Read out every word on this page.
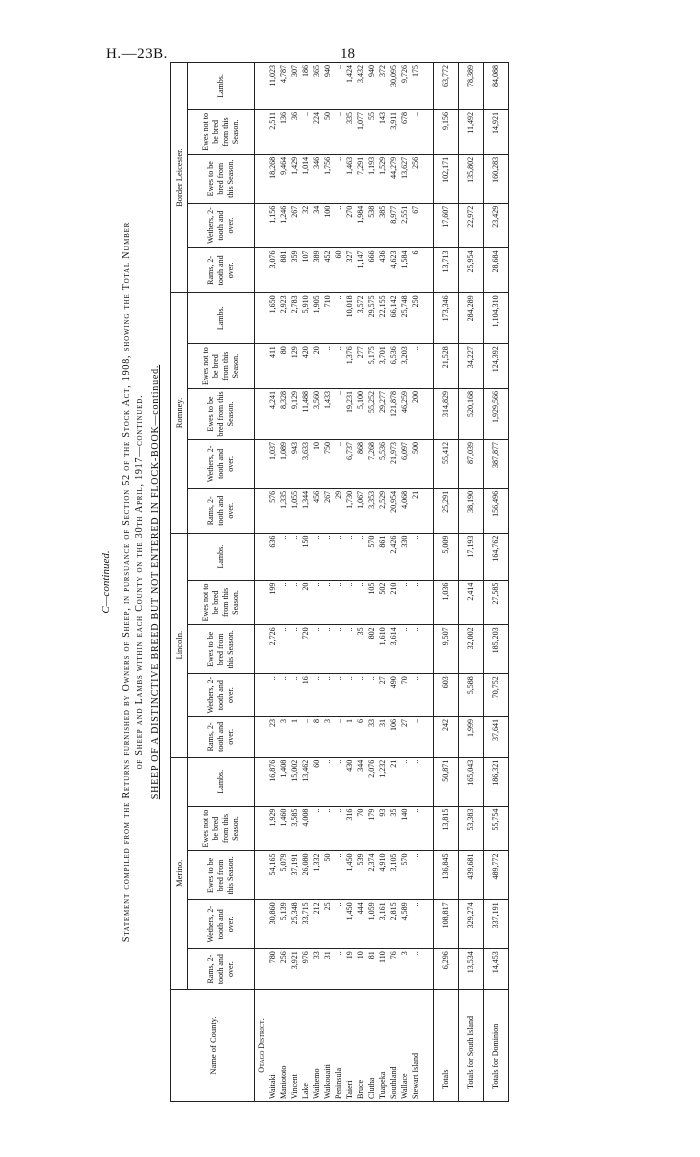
H.—23B.	18
C—continued. Statement compiled from the Returns furnished by Owners of Sheep, in pursuance of Section 52 of the Stock Act, 1908, showing the Total Number of Sheep and Lambs within each County on the 30th April, 1917—continued. SHEEP OF A DISTINCTIVE BREED BUT NOT ENTERED IN FLOCK-BOOK—continued.
Name of County.	Merino.					Lincoln.					Romney.					Border Leicester.				
	Rams, 2-tooth and over.	Wethers, 2-tooth and over.	Ewes to be bred from this Season.	Ewes not to be bred from this Season.	Lambs.	Rams, 2-tooth and over.	Wethers, 2-tooth and over.	Ewes to be bred from this Season.	Ewes not to be bred from this Season.	Lambs.	Rams, 2-tooth and over.	Wethers, 2-tooth and over.	Ewes to be bred from this Season.	Ewes not to be bred from this Season.	Lambs.	Rams, 2-tooth and over.	Wethers, 2-tooth and over.	Ewes to be bred from this Season.	Ewes not to be bred from this Season.	Lambs.
Otago District.																				
Waitaki	780	30,860	54,165	1,929	16,876	23	..	2,726	199	636	576	1,037	4,241	411	1,650	3,076	1,156	18,268	2,511	11,023
Maniototo	256	5,139	5,079	1,460	1,408	3	..	..	..	..	1,335	1,089	8,328	80	2,923	881	1,246	9,464	136	4,787
Vincent	3,921	25,348	37,191	3,585	15,002	1	..	..	..	..	1,055	943	9,129	129	2,783	359	267	1,429	36	307
Lake	976	33,715	26,080	4,008	13,462	..	16	720	20	150	1,344	3,633	11,488	420	5,910	107	32	1,014	..	186
Waihemo	33	212	1,332	..	60	8	..	..	..	..	456	10	3,560	20	1,905	389	34	346	224	365
Waikouaiti	31	25	50	..	..	3	..	..	..	..	267	750	1,433	..	710	452	100	1,756	50	940
Peninsula	..	..	..	..	..	..	..	..	..	..	29	..	..	..	..	60	..	..	..	..
Taieri	19	1,450	1,450	316	430	1	..	..	..	..	1,730	6,737	19,231	1,376	10,018	327	270	1,463	335	1,424
Bruce	10	444	539	70	344	6	..	35	..	..	1,067	868	5,100	277	3,572	1,147	1,984	7,291	1,077	3,432
Clutha	81	1,059	2,374	179	2,076	33	..	802	105	570	3,353	7,268	55,252	5,175	29,575	666	538	1,193	55	940
Tuapeka	110	3,161	4,910	93	1,232	31	27	1,610	502	861	2,529	5,536	29,277	3,701	22,155	436	385	1,529	143	372
Southland	76	2,815	3,105	35	21	106	490	3,614	210	2,426	20,954	21,973	121,878	6,536	66,142	4,623	8,977	44,279	3,911	30,095
Wallace	3	4,589	570	140	..	27	70	..	..	330	4,068	6,097	46,259	3,203	25,748	1,584	2,551	13,627	678	9,726
Stewart Island	..	..	..	..	..	..	..	..	..	..	21	500	200	..	250	6	67	256	..	175

Totals	6,296	108,817	136,845	13,815	50,871	242	603	9,507	1,036	5,009	25,291	55,412	314,829	21,528	173,346	13,713	17,607	102,171	9,156	63,772
Totals for South Island	13,534	329,274	439,681	53,383	165,043	1,999	5,588	32,002	2,414	17,193	38,190	87,039	520,168	34,227	284,289	25,954	22,972	135,802	11,492	78,389
Totals for Dominion	14,453	337,191	489,772	55,754	186,321	37,641	70,752	185,203	27,585	164,762	156,496	387,877	1,929,566	124,392	1,104,310	28,684	23,429	160,283	14,921	84,088
